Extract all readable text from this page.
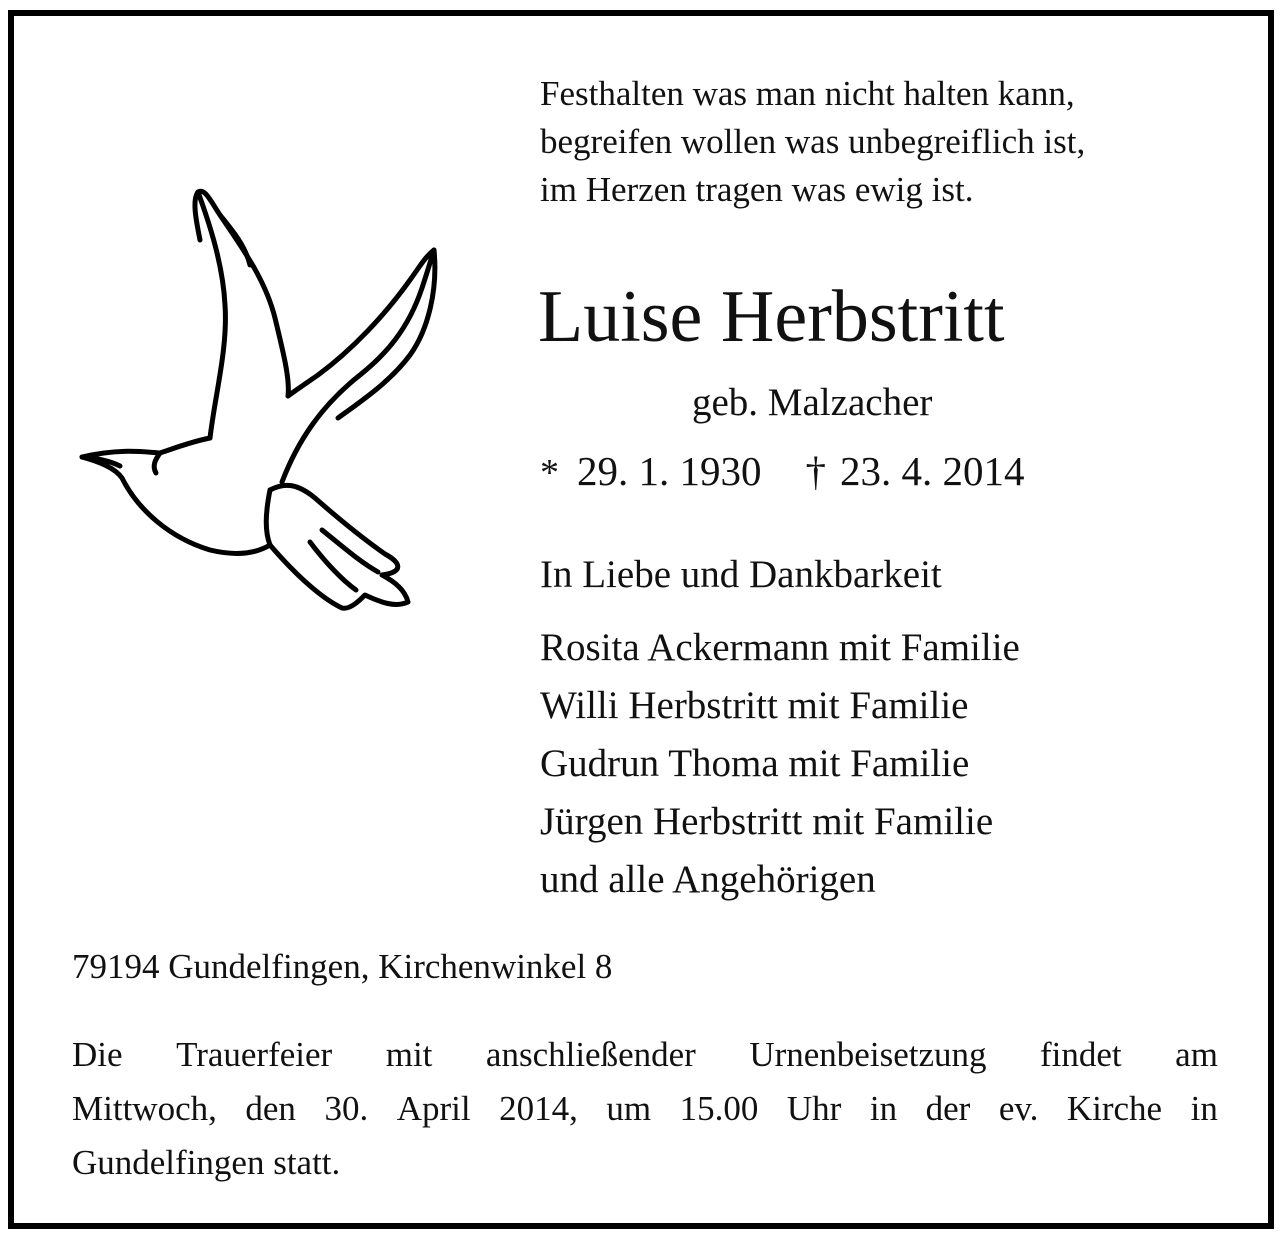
Festhalten was man nicht halten kann,
begreifen wollen was unbegreiflich ist,
im Herzen tragen was ewig ist.
Luise Herbstritt
geb. Malzacher
* 29. 1. 1930 † 23. 4. 2014
In Liebe und Dankbarkeit
Rosita Ackermann mit Familie
Willi Herbstritt mit Familie
Gudrun Thoma mit Familie
Jürgen Herbstritt mit Familie
und alle Angehörigen
79194 Gundelfingen, Kirchenwinkel 8
Die Trauerfeier mit anschließender Urnenbeisetzung findet am
Mittwoch, den 30. April 2014, um 15.00 Uhr in der ev. Kirche in
Gundelfingen statt.
